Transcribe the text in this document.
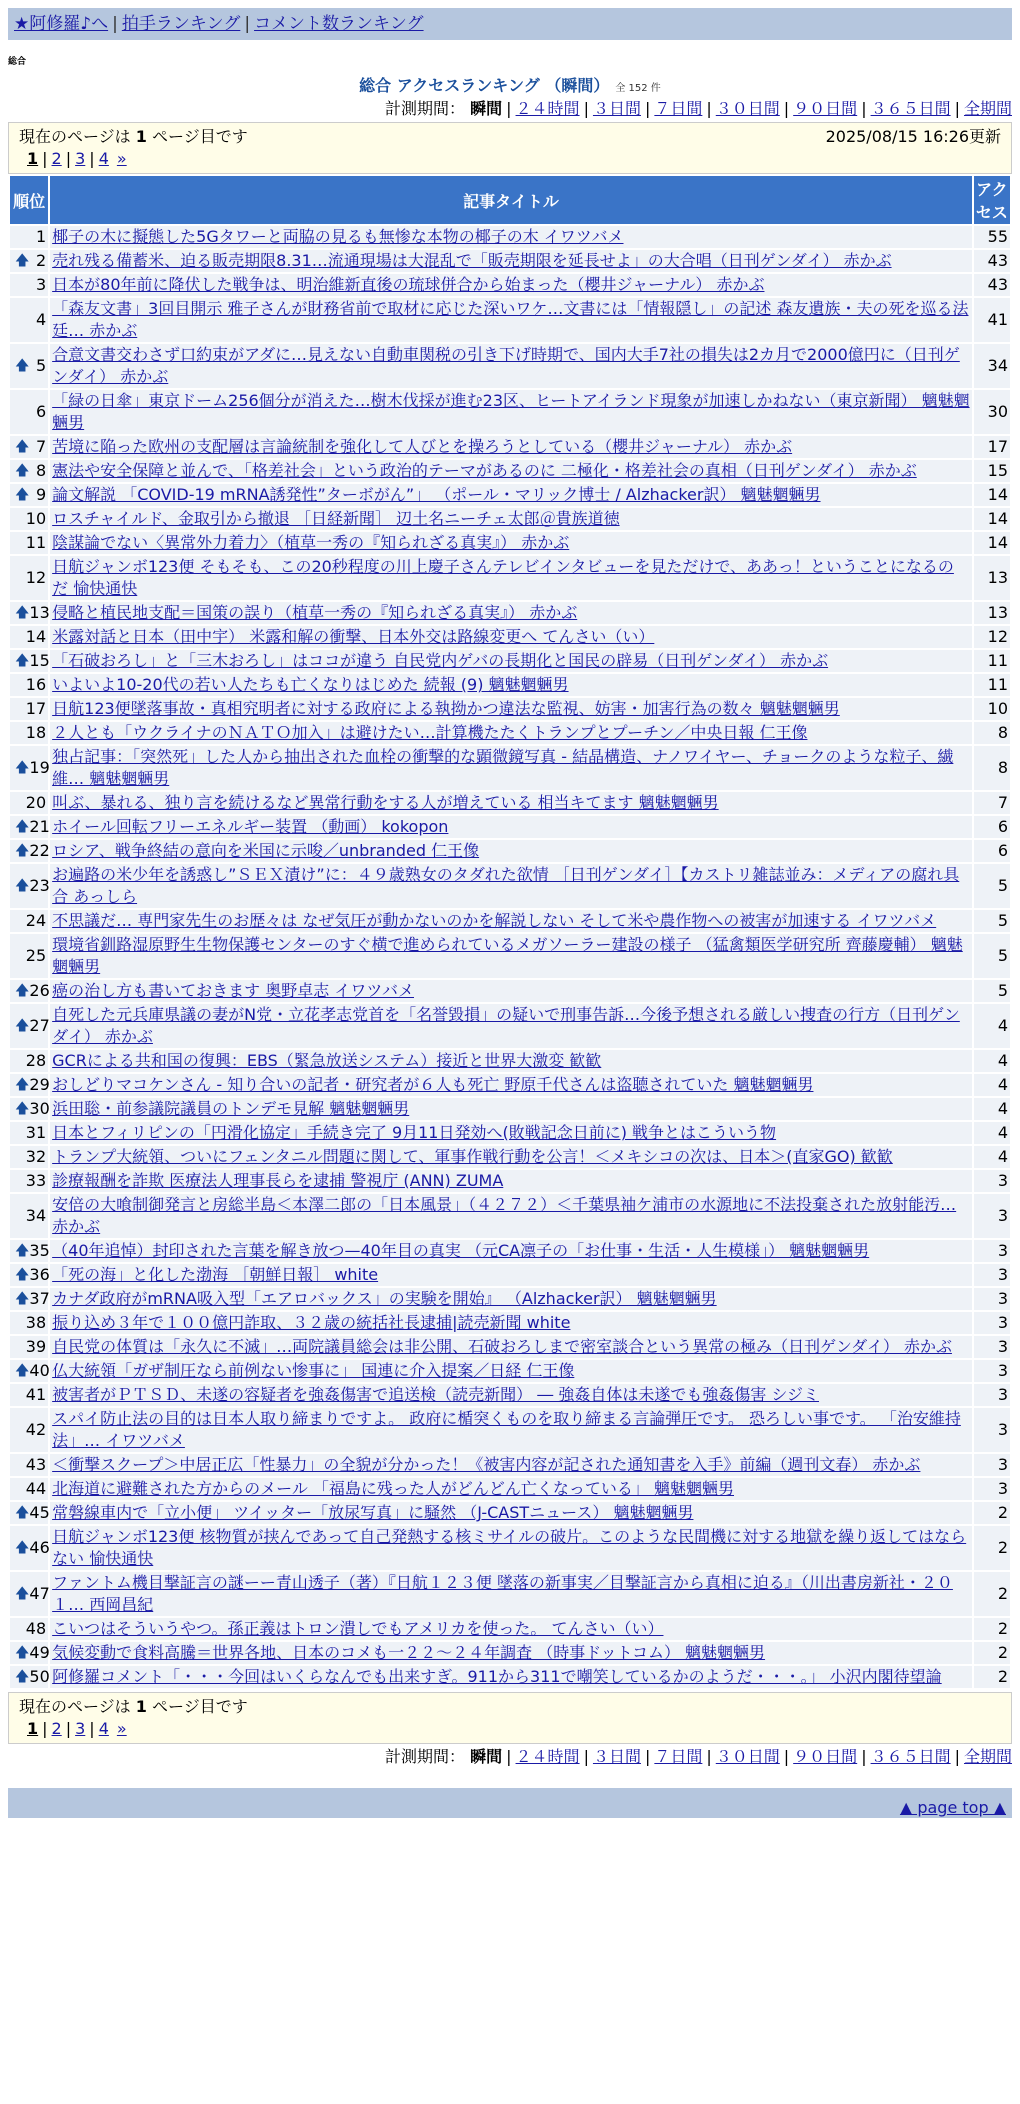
★阿修羅♪へ | 拍手ランキング | コメント数ランキング
総合
総合 アクセスランキング （瞬間） 全 152 件
計測期間： 瞬間 | ２４時間 | ３日間 | ７日間 | ３０日間 | ９０日間 | ３６５日間 | 全期間
現在のページは 1 ページ目です	2025/08/15 16:26更新
1 | 2 | 3 | 4 »
順位	記事タイトル	アクセス
1	椰子の木に擬態した5Gタワーと両脇の見るも無惨な本物の椰子の木 イワツバメ	55

🡅 2	売れ残る備蓄米、迫る販売期限8.31…流通現場は大混乱で「販売期限を延長せよ」の大合唱（日刊ゲンダイ） 赤かぶ	43
3	日本が80年前に降伏した戦争は、明治維新直後の琉球併合から始まった（櫻井ジャーナル） 赤かぶ	43
4	「森友文書」3回目開示 雅子さんが財務省前で取材に応じた深いワケ…文書には「情報隠し」の記述 森友遺族・夫の死を巡る法廷… 赤かぶ	41

🡅 5	合意文書交わさず口約束がアダに…見えない自動車関税の引き下げ時期で、国内大手7社の損失は2カ月で2000億円に（日刊ゲンダイ） 赤かぶ	34
6	「緑の日傘」東京ドーム256個分が消えた…樹木伐採が進む23区、ヒートアイランド現象が加速しかねない（東京新聞） 魑魅魍魎男	30

🡅 7	苦境に陥った欧州の支配層は言論統制を強化して人びとを操ろうとしている（櫻井ジャーナル） 赤かぶ	17

🡅 8	憲法や安全保障と並んで、「格差社会」という政治的テーマがあるのに 二極化・格差社会の真相（日刊ゲンダイ） 赤かぶ	15

🡅 9	論文解説 「COVID-19 mRNA誘発性”ターボがん”」 （ポール・マリック博士 / Alzhacker訳） 魑魅魍魎男	14
10	ロスチャイルド、金取引から撤退 ［日経新聞］ 辺土名ニーチェ太郎＠貴族道徳	14
11	陰謀論でない〈異常外力着力〉（植草一秀の『知られざる真実』） 赤かぶ	14
12	日航ジャンボ123便 そもそも、この20秒程度の川上慶子さんテレビインタビューを見ただけで、ああっ！ということになるのだ 愉快通快	13

🡅 13	侵略と植民地支配＝国策の誤り（植草一秀の『知られざる真実』） 赤かぶ	13
14	米露対話と日本（田中宇） 米露和解の衝撃、日本外交は路線変更へ てんさい（い）	12

🡅 15	「石破おろし」と「三木おろし」はココが違う 自民党内ゲバの長期化と国民の辟易（日刊ゲンダイ） 赤かぶ	11
16	いよいよ10-20代の若い人たちも亡くなりはじめた 続報 (9) 魑魅魍魎男	11
17	日航123便墜落事故・真相究明者に対する政府による執拗かつ違法な監視、妨害・加害行為の数々 魑魅魍魎男	10
18	２人とも「ウクライナのＮＡＴＯ加入」は避けたい…計算機たたくトランプとプーチン／中央日報 仁王像	8

🡅 19	独占記事：「突然死」した人から抽出された血栓の衝撃的な顕微鏡写真 - 結晶構造、ナノワイヤー、チョークのような粒子、繊維… 魑魅魍魎男	8
20	叫ぶ、暴れる、独り言を続けるなど異常行動をする人が増えている 相当キてます 魑魅魍魎男	7

🡅 21	ホイール回転フリーエネルギー装置 （動画） kokopon	6

🡅 22	ロシア、戦争終結の意向を米国に示唆／unbranded 仁王像	6

🡅 23	お遍路の米少年を誘惑し”ＳＥＸ漬け”に：４９歳熟女のタダれた欲情 ［日刊ゲンダイ］【カストリ雑誌並み：メディアの腐れ具合 あっしら	5
24	不思議だ… 専門家先生のお歴々は なぜ気圧が動かないのかを解説しない そして米や農作物への被害が加速する イワツバメ	5
25	環境省釧路湿原野生生物保護センターのすぐ横で進められているメガソーラー建設の様子 （猛禽類医学研究所 齊藤慶輔） 魑魅魍魎男	5

🡅 26	癌の治し方も書いておきます 奥野卓志 イワツバメ	5

🡅 27	自死した元兵庫県議の妻がN党・立花孝志党首を「名誉毀損」の疑いで刑事告訴…今後予想される厳しい捜査の行方（日刊ゲンダイ） 赤かぶ	4
28	GCRによる共和国の復興：EBS（緊急放送システム）接近と世界大激変 歓歓	4

🡅 29	おしどりマコケンさん - 知り合いの記者・研究者が６人も死亡 野原千代さんは盗聴されていた 魑魅魍魎男	4

🡅 30	浜田聡・前参議院議員のトンデモ見解 魑魅魍魎男	4
31	日本とフィリピンの「円滑化協定」手続き完了 9月11日発効へ(敗戦記念日前に) 戦争とはこういう物	4
32	トランプ大統領、ついにフェンタニル問題に関して、軍事作戦行動を公言！＜メキシコの次は、日本＞(直家GO) 歓歓	4
33	診療報酬を詐欺 医療法人理事長らを逮捕 警視庁 (ANN) ZUMA	3
34	安倍の大喰制御発言と房総半島＜本澤二郎の「日本風景」（４２７２）＜千葉県袖ケ浦市の水源地に不法投棄された放射能汚… 赤かぶ	3

🡅 35	（40年追悼）封印された言葉を解き放つ—40年目の真実 （元CA凛子の「お仕事・生活・人生模様」） 魑魅魍魎男	3

🡅 36	「死の海」と化した渤海 ［朝鮮日報］ white	3

🡅 37	カナダ政府がmRNA吸入型「エアロバックス」の実験を開始』 （Alzhacker訳） 魑魅魍魎男	3
38	振り込め３年で１００億円詐取、３２歳の統括社長逮捕|読売新聞 white	3
39	自民党の体質は「永久に不滅」…両院議員総会は非公開、石破おろしまで密室談合という異常の極み（日刊ゲンダイ） 赤かぶ	3

🡅 40	仏大統領「ガザ制圧なら前例ない惨事に」 国連に介入提案／日経 仁王像	3
41	被害者がＰＴＳＤ、未遂の容疑者を強姦傷害で追送検（読売新聞） ― 強姦自体は未遂でも強姦傷害 シジミ	3
42	スパイ防止法の目的は日本人取り締まりですよ。 政府に楯突くものを取り締まる言論弾圧です。 恐ろしい事です。 「治安維持法」… イワツバメ	3
43	＜衝撃スクープ＞中居正広「性暴力」の全貌が分かった！《被害内容が記された通知書を入手》前編（週刊文春） 赤かぶ	3
44	北海道に避難された方からのメール 「福島に残った人がどんどん亡くなっている」 魑魅魍魎男	3

🡅 45	常磐線車内で「立小便」 ツイッター「放尿写真」に騒然 （J-CASTニュース） 魑魅魍魎男	2

🡅 46	日航ジャンボ123便 核物質が挟んであって自己発熱する核ミサイルの破片。このような民間機に対する地獄を繰り返してはならない 愉快通快	2

🡅 47	ファントム機目撃証言の謎ーー青山透子（著）『日航１２３便 墜落の新事実／目撃証言から真相に迫る』（川出書房新社・２０１… 西岡昌紀	2
48	こいつはそういうやつ。孫正義はトロン潰しでもアメリカを使った。 てんさい（い）	2

🡅 49	気候変動で食料高騰＝世界各地、日本のコメも一２２～２４年調査 （時事ドットコム） 魑魅魍魎男	2

🡅 50	阿修羅コメント「・・・今回はいくらなんでも出来すぎ。911から311で嘲笑しているかのようだ・・・。」 小沢内閣待望論	2
現在のページは 1 ページ目です
1 | 2 | 3 | 4 »
計測期間： 瞬間 | ２４時間 | ３日間 | ７日間 | ３０日間 | ９０日間 | ３６５日間 | 全期間
▲ page top ▲
